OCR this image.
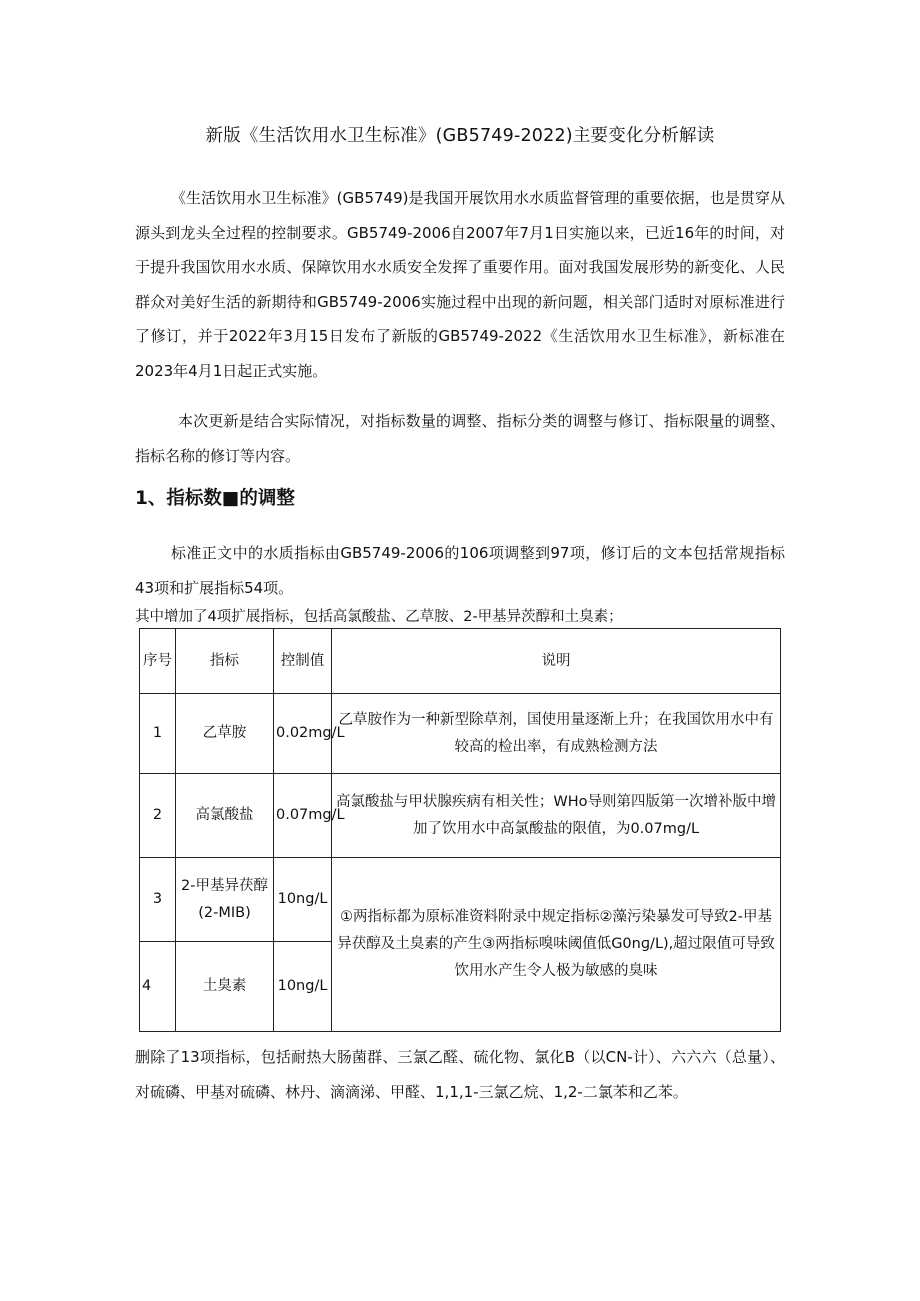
新版《生活饮用水卫生标准》(GB5749-2022)主要变化分析解读

《生活饮用水卫生标准》(GB5749)是我国开展饮用水水质监督管理的重要依据，也是贯穿从源头到龙头全过程的控制要求。GB5749-2006自2007年7月1日实施以来，已近16年的时间，对于提升我国饮用水水质、保障饮用水水质安全发挥了重要作用。面对我国发展形势的新变化、人民群众对美好生活的新期待和GB5749-2006实施过程中出现的新问题，相关部门适时对原标准进行了修订，并于2022年3月15日发布了新版的GB5749-2022《生活饮用水卫生标准》，新标准在2023年4月1日起正式实施。

本次更新是结合实际情况，对指标数量的调整、指标分类的调整与修订、指标限量的调整、指标名称的修订等内容。

1、指标数■的调整

标准正文中的水质指标由GB5749-2006的106项调整到97项，修订后的文本包括常规指标43项和扩展指标54项。

其中增加了4项扩展指标，包括高氯酸盐、乙草胺、2-甲基异茨醇和土臭素；

序号	指标	控制值	说明
1	乙草胺	0.02mg/L	乙草胺作为一种新型除草剂，国使用量逐渐上升；在我国饮用水中有较高的检出率，有成熟检测方法
2	高氯酸盐	0.07mg/L	高氯酸盐与甲状腺疾病有相关性；WHo导则第四版第一次增补版中增加了饮用水中高氯酸盐的限值，为0.07mg/L
3	2-甲基异茯醇(2-MIB)	10ng/L	①两指标都为原标准资料附录中规定指标②藻污染暴发可导致2-甲基异茯醇及土臭素的产生③两指标嗅味阈值低G0nɡ/L),超过限值可导致饮用水产生令人极为敏感的臭味
4	土臭素	10ng/L	

删除了13项指标，包括耐热大肠菌群、三氯乙醛、硫化物、氯化B（以CN-计）、六六六（总量）、对硫磷、甲基对硫磷、林丹、滴滴涕、甲醛、1,1,1-三氯乙烷、1,2-二氯苯和乙苯。
